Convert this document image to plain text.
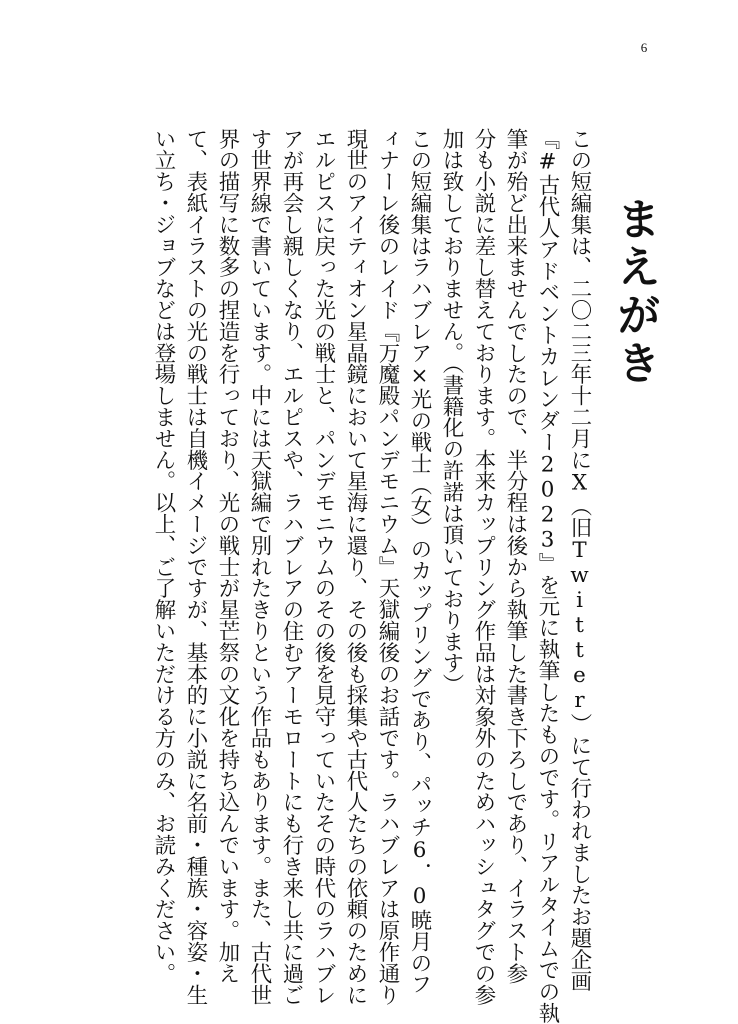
6
まえがき
この短編集は、二〇二三年十二月にX（旧Twitter）にて行われましたお題企画
『#古代人アドベントカレンダー2023』を元に執筆したものです。リアルタイムでの執
筆が殆ど出来ませんでしたので、半分程は後から執筆した書き下ろしであり、イラスト参
分も小説に差し替えております。本来カップリング作品は対象外のためハッシュタグでの参
加は致しておりません。（書籍化の許諾は頂いております）
この短編集はラハブレア×光の戦士（女）のカップリングであり、パッチ6．0暁月のフ
ィナーレ後のレイド『万魔殿パンデモニウム』天獄編後のお話です。ラハブレアは原作通り
現世のアイティオン星晶鏡において星海に還り、その後も採集や古代人たちの依頼のために
エルピスに戻った光の戦士と、パンデモニウムのその後を見守っていたその時代のラハブレ
アが再会し親しくなり、エルピスや、ラハブレアの住むアーモロートにも行き来し共に過ご
す世界線で書いています。中には天獄編で別れたきりという作品もあります。また、古代世
界の描写に数多の捏造を行っており、光の戦士が星芒祭の文化を持ち込んでいます。加え
て、表紙イラストの光の戦士は自機イメージですが、基本的に小説に名前・種族・容姿・生
い立ち・ジョブなどは登場しません。以上、ご了解いただける方のみ、お読みください。
